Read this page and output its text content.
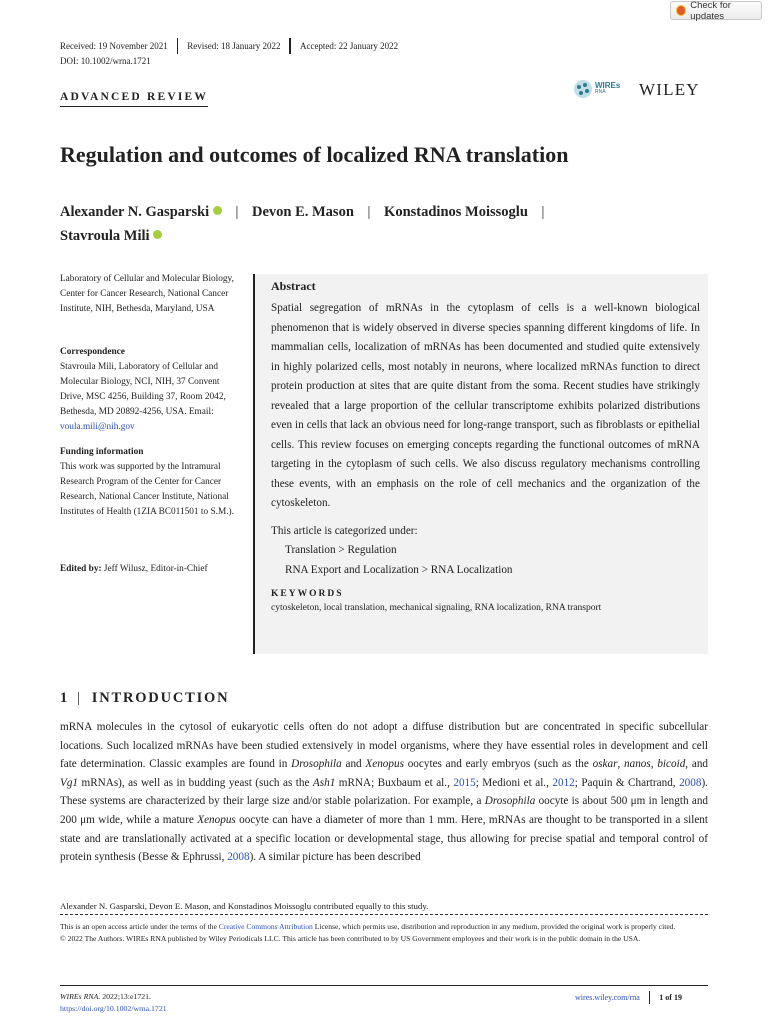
Check for updates
Received: 19 November 2021 Revised: 18 January 2022 Accepted: 22 January 2022
DOI: 10.1002/wrna.1721
ADVANCED REVIEW
WIREs
RNA	WILEY
Regulation and outcomes of localized RNA translation
Alexander N. Gasparski | Devon E. Mason | Konstadinos Moissoglu |
Stavroula Mili
Laboratory of Cellular and Molecular Biology, Center for Cancer Research, National Cancer Institute, NIH, Bethesda, Maryland, USA
Correspondence
Stavroula Mili, Laboratory of Cellular and Molecular Biology, NCI, NIH, 37 Convent Drive, MSC 4256, Building 37, Room 2042, Bethesda, MD 20892-4256, USA. Email: voula.mili@nih.gov
Funding information
This work was supported by the Intramural Research Program of the Center for Cancer Research, National Cancer Institute, National Institutes of Health (1ZIA BC011501 to S.M.).
Edited by: Jeff Wilusz, Editor-in-Chief
Abstract
Spatial segregation of mRNAs in the cytoplasm of cells is a well-known biological phenomenon that is widely observed in diverse species spanning different kingdoms of life. In mammalian cells, localization of mRNAs has been documented and studied quite extensively in highly polarized cells, most notably in neurons, where localized mRNAs function to direct protein production at sites that are quite distant from the soma. Recent studies have strikingly revealed that a large proportion of the cellular transcriptome exhibits polarized distributions even in cells that lack an obvious need for long-range transport, such as fibroblasts or epithelial cells. This review focuses on emerging concepts regarding the functional outcomes of mRNA targeting in the cytoplasm of such cells. We also discuss regulatory mechanisms controlling these events, with an emphasis on the role of cell mechanics and the organization of the cytoskeleton.
This article is categorized under:
Translation > Regulation
RNA Export and Localization > RNA Localization
KEYWORDS
cytoskeleton, local translation, mechanical signaling, RNA localization, RNA transport
1 | INTRODUCTION
mRNA molecules in the cytosol of eukaryotic cells often do not adopt a diffuse distribution but are concentrated in specific subcellular locations. Such localized mRNAs have been studied extensively in model organisms, where they have essential roles in development and cell fate determination. Classic examples are found in Drosophila and Xenopus oocytes and early embryos (such as the oskar, nanos, bicoid, and Vg1 mRNAs), as well as in budding yeast (such as the Ash1 mRNA; Buxbaum et al., 2015; Medioni et al., 2012; Paquin & Chartrand, 2008). These systems are characterized by their large size and/or stable polarization. For example, a Drosophila oocyte is about 500 μm in length and 200 μm wide, while a mature Xenopus oocyte can have a diameter of more than 1 mm. Here, mRNAs are thought to be transported in a silent state and are translationally activated at a specific location or developmental stage, thus allowing for precise spatial and temporal control of protein synthesis (Besse & Ephrussi, 2008). A similar picture has been described
Alexander N. Gasparski, Devon E. Mason, and Konstadinos Moissoglu contributed equally to this study.
This is an open access article under the terms of the Creative Commons Attribution License, which permits use, distribution and reproduction in any medium, provided the original work is properly cited.
© 2022 The Authors. WIREs RNA published by Wiley Periodicals LLC. This article has been contributed to by US Government employees and their work is in the public domain in the USA.
WIREs RNA. 2022;13:e1721.
https://doi.org/10.1002/wrna.1721
wires.wiley.com/rna 1 of 19
